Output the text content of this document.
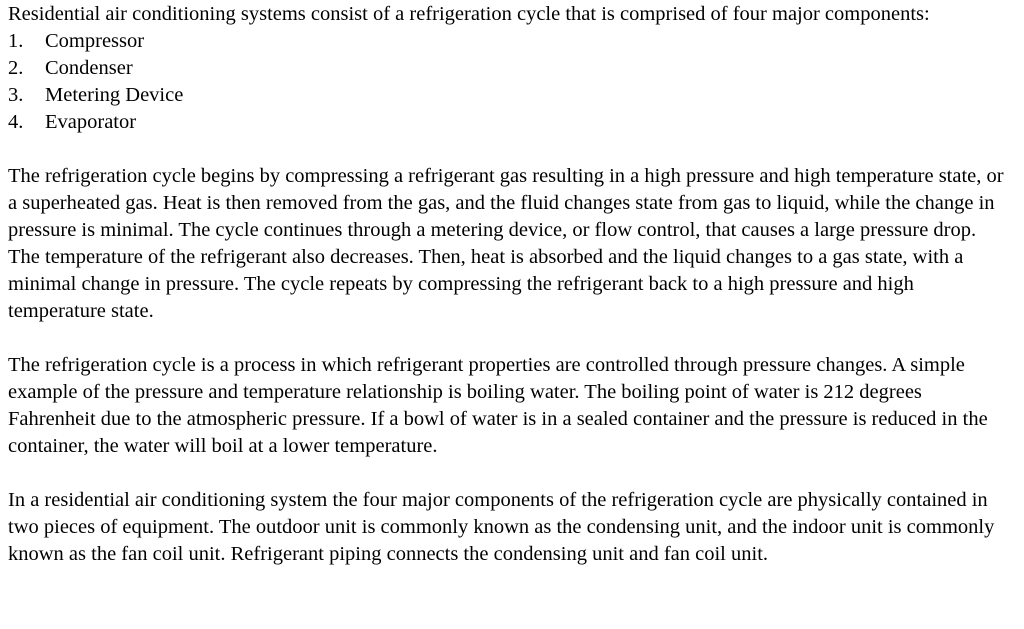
Residential air conditioning systems consist of a refrigeration cycle that is comprised of four major components:

1.	Compressor
2.	Condenser
3.	Metering Device
4.	Evaporator

The refrigeration cycle begins by compressing a refrigerant gas resulting in a high pressure and high temperature state, or a superheated gas. Heat is then removed from the gas, and the fluid changes state from gas to liquid, while the change in pressure is minimal. The cycle continues through a metering device, or flow control, that causes a large pressure drop. The temperature of the refrigerant also decreases. Then, heat is absorbed and the liquid changes to a gas state, with a minimal change in pressure. The cycle repeats by compressing the refrigerant back to a high pressure and high temperature state.

The refrigeration cycle is a process in which refrigerant properties are controlled through pressure changes. A simple example of the pressure and temperature relationship is boiling water. The boiling point of water is 212 degrees Fahrenheit due to the atmospheric pressure. If a bowl of water is in a sealed container and the pressure is reduced in the container, the water will boil at a lower temperature.

In a residential air conditioning system the four major components of the refrigeration cycle are physically contained in two pieces of equipment. The outdoor unit is commonly known as the condensing unit, and the indoor unit is commonly known as the fan coil unit. Refrigerant piping connects the condensing unit and fan coil unit.
